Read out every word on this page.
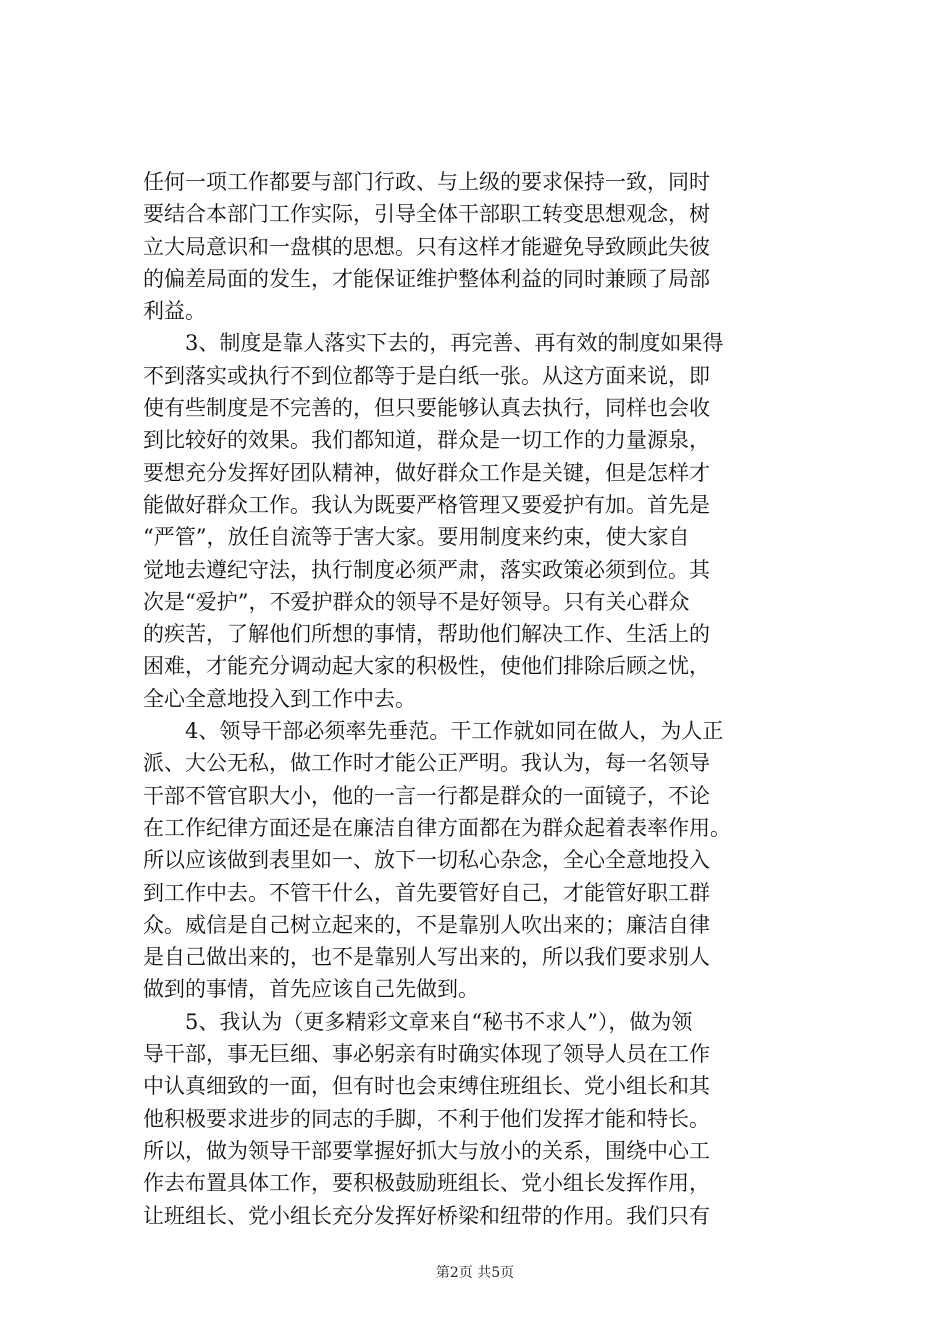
任何一项工作都要与部门行政、与上级的要求保持一致，同时
要结合本部门工作实际，引导全体干部职工转变思想观念，树
立大局意识和一盘棋的思想。只有这样才能避免导致顾此失彼
的偏差局面的发生，才能保证维护整体利益的同时兼顾了局部
利益。
3、制度是靠人落实下去的，再完善、再有效的制度如果得
不到落实或执行不到位都等于是白纸一张。从这方面来说，即
使有些制度是不完善的，但只要能够认真去执行，同样也会收
到比较好的效果。我们都知道，群众是一切工作的力量源泉，
要想充分发挥好团队精神，做好群众工作是关键，但是怎样才
能做好群众工作。我认为既要严格管理又要爱护有加。首先是
“严管”，放任自流等于害大家。要用制度来约束，使大家自
觉地去遵纪守法，执行制度必须严肃，落实政策必须到位。其
次是“爱护”，不爱护群众的领导不是好领导。只有关心群众
的疾苦，了解他们所想的事情，帮助他们解决工作、生活上的
困难，才能充分调动起大家的积极性，使他们排除后顾之忧，
全心全意地投入到工作中去。
4、领导干部必须率先垂范。干工作就如同在做人，为人正
派、大公无私，做工作时才能公正严明。我认为，每一名领导
干部不管官职大小，他的一言一行都是群众的一面镜子，不论
在工作纪律方面还是在廉洁自律方面都在为群众起着表率作用。
所以应该做到表里如一、放下一切私心杂念，全心全意地投入
到工作中去。不管干什么，首先要管好自己，才能管好职工群
众。威信是自己树立起来的，不是靠别人吹出来的；廉洁自律
是自己做出来的，也不是靠别人写出来的，所以我们要求别人
做到的事情，首先应该自己先做到。
5、我认为（更多精彩文章来自“秘书不求人”），做为领
导干部，事无巨细、事必躬亲有时确实体现了领导人员在工作
中认真细致的一面，但有时也会束缚住班组长、党小组长和其
他积极要求进步的同志的手脚，不利于他们发挥才能和特长。
所以，做为领导干部要掌握好抓大与放小的关系，围绕中心工
作去布置具体工作，要积极鼓励班组长、党小组长发挥作用，
让班组长、党小组长充分发挥好桥梁和纽带的作用。我们只有
第2页 共5页
